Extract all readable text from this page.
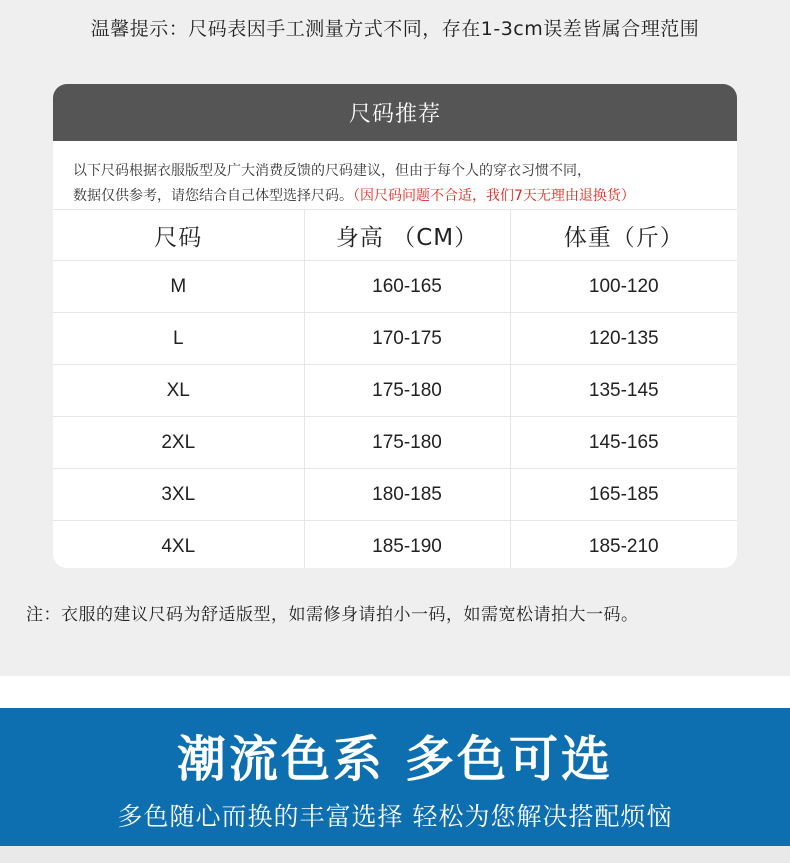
温馨提示：尺码表因手工测量方式不同，存在1-3cm误差皆属合理范围
尺码推荐
以下尺码根据衣服版型及广大消费反馈的尺码建议，但由于每个人的穿衣习惯不同，
数据仅供参考，请您结合自己体型选择尺码。（因尺码问题不合适，我们7天无理由退换货）
尺码	身高 （CM）	体重（斤）
M	160-165	100-120
L	170-175	120-135
XL	175-180	135-145
2XL	175-180	145-165
3XL	180-185	165-185
4XL	185-190	185-210
注：衣服的建议尺码为舒适版型，如需修身请拍小一码，如需宽松请拍大一码。
潮流色系 多色可选
多色随心而换的丰富选择 轻松为您解决搭配烦恼
